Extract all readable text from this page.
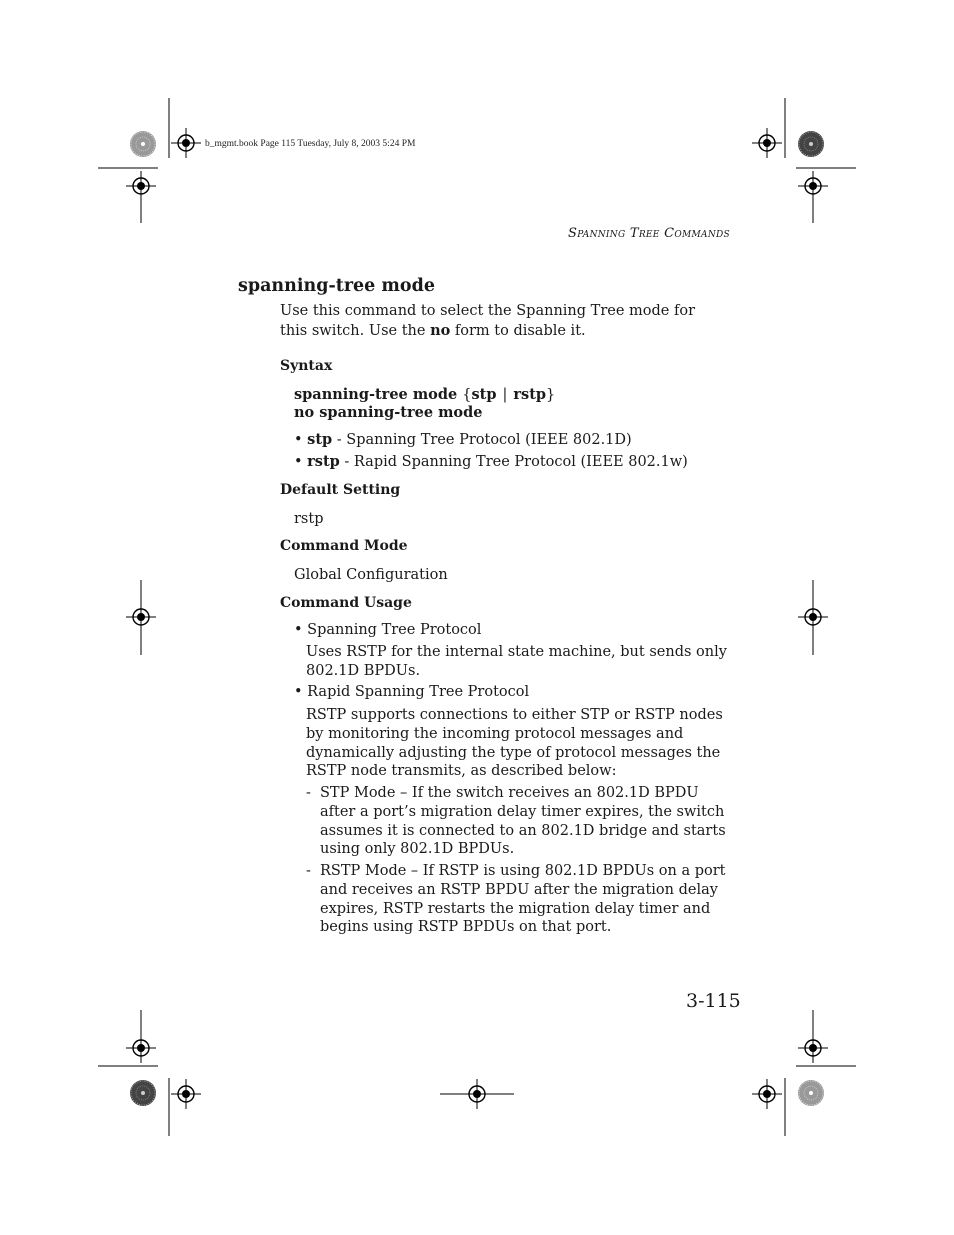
b_mgmt.book Page 115 Tuesday, July 8, 2003 5:24 PM
Spanning Tree Commands
spanning-tree mode
Use this command to select the Spanning Tree mode for this switch. Use the no form to disable it.
Syntax
spanning-tree mode {stp | rstp}
no spanning-tree mode
• stp - Spanning Tree Protocol (IEEE 802.1D)
• rstp - Rapid Spanning Tree Protocol (IEEE 802.1w)
Default Setting
rstp
Command Mode
Global Configuration
Command Usage
• Spanning Tree Protocol
Uses RSTP for the internal state machine, but sends only 802.1D BPDUs.
• Rapid Spanning Tree Protocol
RSTP supports connections to either STP or RSTP nodes by monitoring the incoming protocol messages and dynamically adjusting the type of protocol messages the RSTP node transmits, as described below:
- STP Mode – If the switch receives an 802.1D BPDU after a port’s migration delay timer expires, the switch assumes it is connected to an 802.1D bridge and starts using only 802.1D BPDUs.
- RSTP Mode – If RSTP is using 802.1D BPDUs on a port and receives an RSTP BPDU after the migration delay expires, RSTP restarts the migration delay timer and begins using RSTP BPDUs on that port.
3-115
